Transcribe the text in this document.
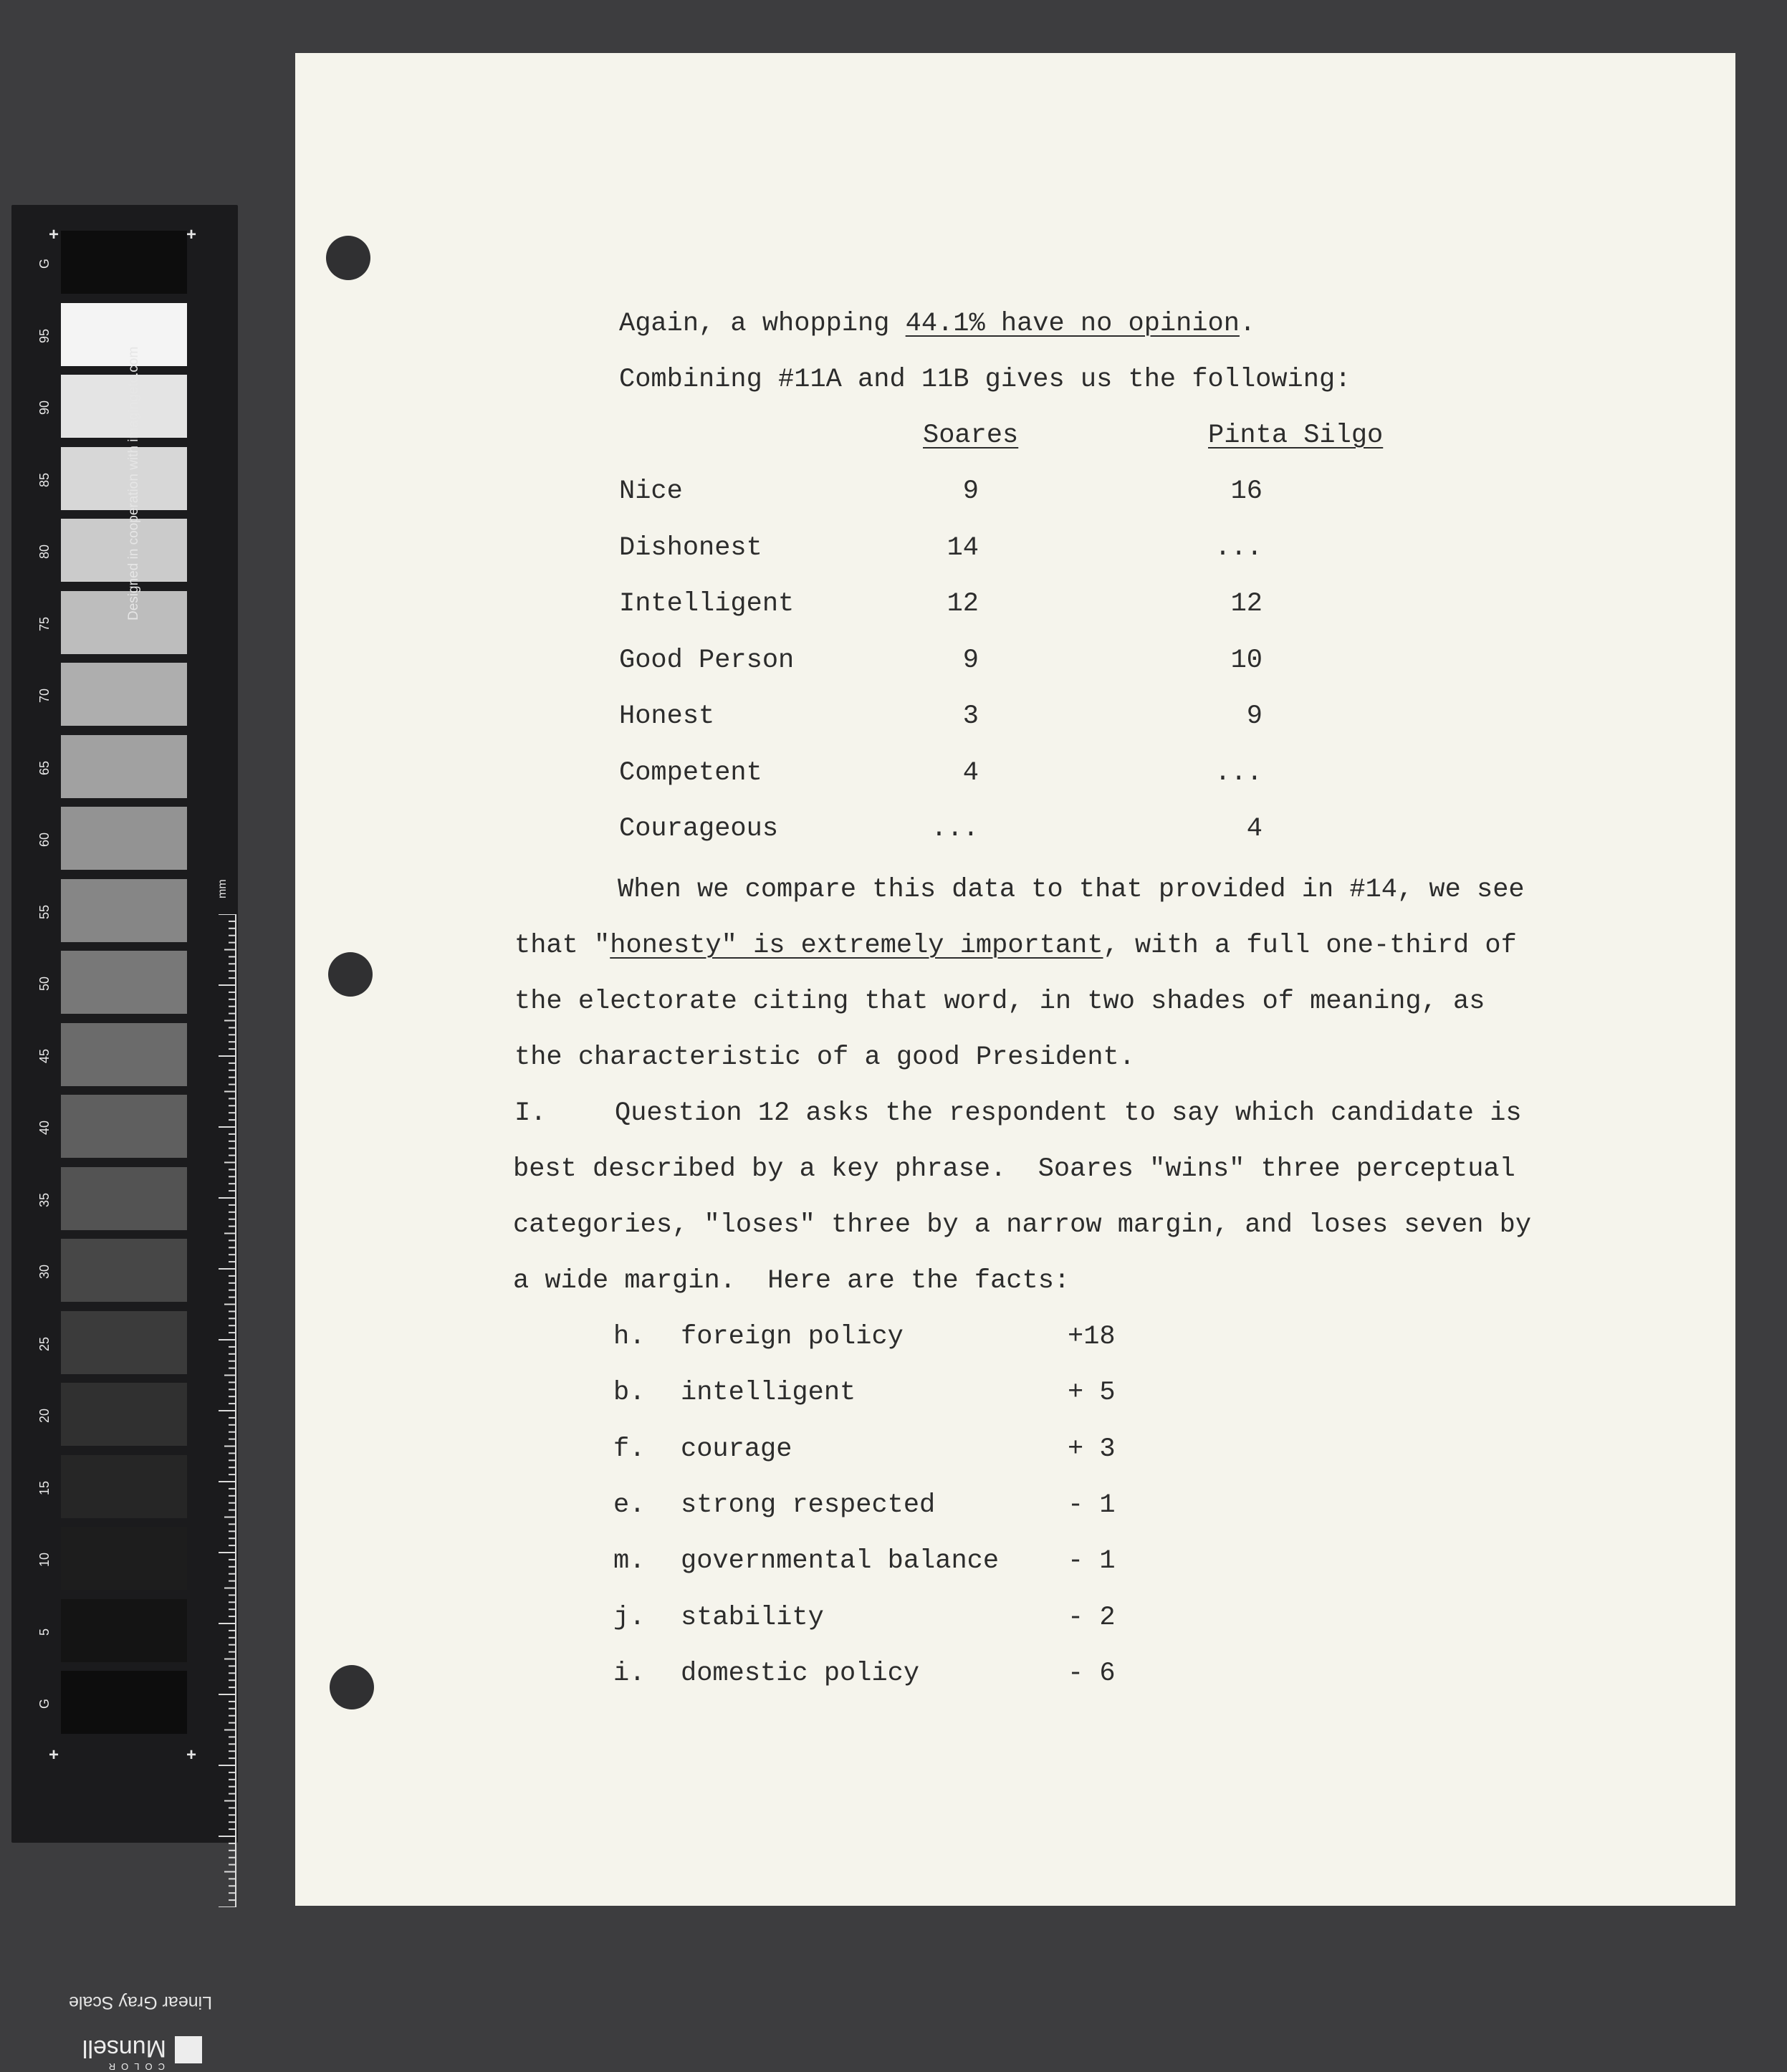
G
95
90
85
80
75
70
65
60
55
50
45
40
35
30
25
20
15
10
5
G
+	+
+	+
Designed in cooperation with imagingetc.com
mm
Linear Gray Scale
COLOR
Munsell
Again, a whopping 44.1% have no opinion.
Combining #11A and 11B gives us the following:
Soares	Pinta Silgo
Nice	9	16
Dishonest	14	...
Intelligent	12	12
Good Person	9	10
Honest	3	9
Competent	4	...
Courageous	...	4
When we compare this data to that provided in #14, we see
that "honesty" is extremely important, with a full one-third of
the electorate citing that word, in two shades of meaning, as
the characteristic of a good President.
I.	Question 12 asks the respondent to say which candidate is
best described by a key phrase.  Soares "wins" three perceptual
categories, "loses" three by a narrow margin, and loses seven by
a wide margin.  Here are the facts:
h. foreign policy	+18
b. intelligent	+ 5
f. courage	+ 3
e. strong respected	- 1
m. governmental balance	- 1
j. stability	- 2
i. domestic policy	- 6
